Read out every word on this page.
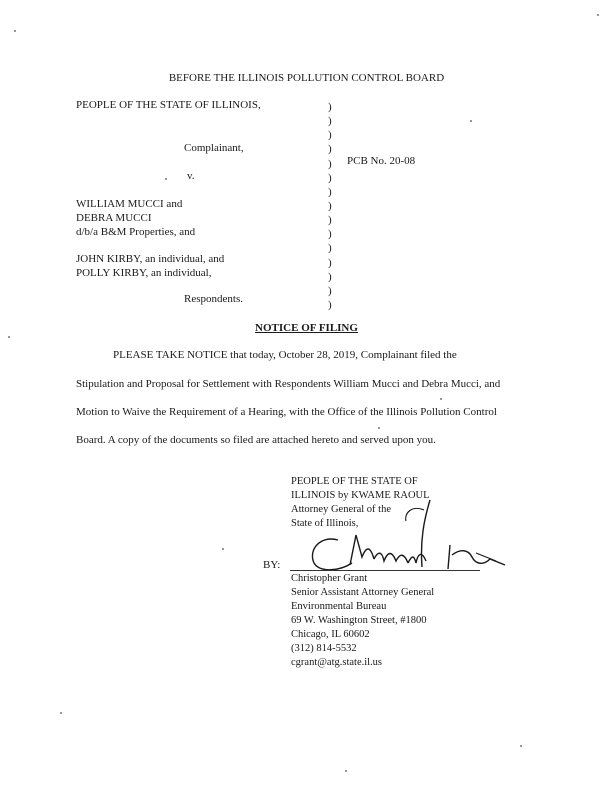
BEFORE THE ILLINOIS POLLUTION CONTROL BOARD
PEOPLE OF THE STATE OF ILLINOIS,
Complainant,
v.
WILLIAM MUCCI and
DEBRA MUCCI
d/b/a B&M Properties, and
JOHN KIRBY, an individual, and
POLLY KIRBY, an individual,
Respondents.
)
)
)
)
)
)
)
)
)
)
)
)
)
)
)
PCB No. 20-08
NOTICE OF FILING
PLEASE TAKE NOTICE that today, October 28, 2019, Complainant filed the
Stipulation and Proposal for Settlement with Respondents William Mucci and Debra Mucci, and
Motion to Waive the Requirement of a Hearing, with the Office of the Illinois Pollution Control
Board. A copy of the documents so filed are attached hereto and served upon you.
PEOPLE OF THE STATE OF
ILLINOIS by KWAME RAOUL
Attorney General of the
State of Illinois,
BY:
Christopher Grant
Senior Assistant Attorney General
Environmental Bureau
69 W. Washington Street, #1800
Chicago, IL 60602
(312) 814-5532
cgrant@atg.state.il.us
